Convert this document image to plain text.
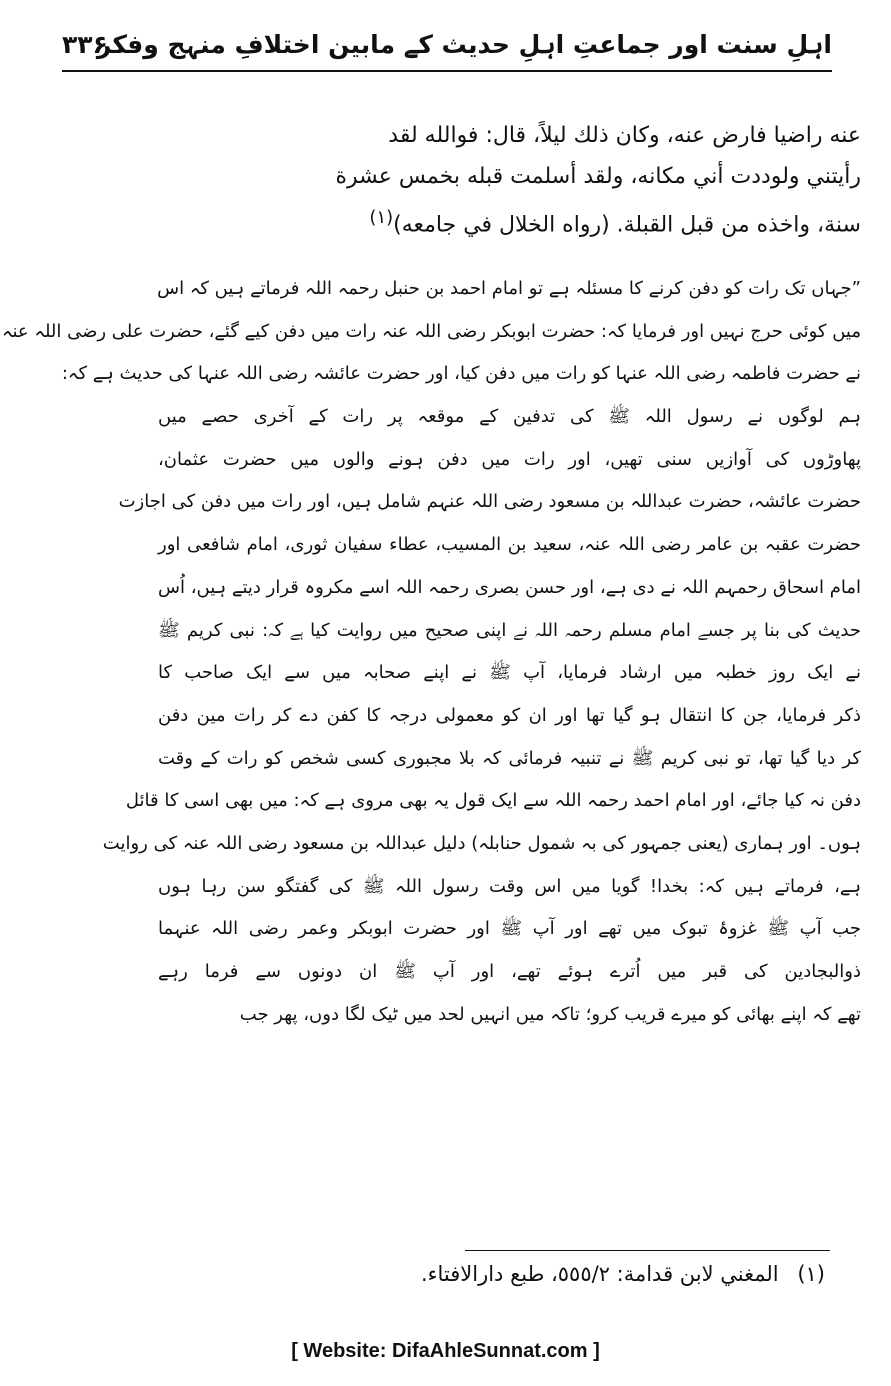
اہلِ سنت اور جماعتِ اہلِ حدیث کے مابین اختلافِ منہج وفکر
۳۳۶
عنه راضيا فارض عنه، وكان ذلك ليلاً، قال: فوالله لقد
رأيتني ولوددت أني مكانه، ولقد أسلمت قبله بخمس عشرة
سنة، واخذه من قبل القبلة. (رواه الخلال في جامعه)$^{(۱)}$
”جہاں تک رات کو دفن کرنے کا مسئلہ ہے تو امام احمد بن حنبل رحمہ اللہ فرماتے ہیں کہ اس
میں کوئی حرج نہیں اور فرمایا کہ: حضرت ابوبکر رضی اللہ عنہ رات میں دفن کیے گئے، حضرت علی رضی اللہ عنہ
نے حضرت فاطمہ رضی اللہ عنہا کو رات میں دفن کیا، اور حضرت عائشہ رضی اللہ عنہا کی حدیث ہے کہ:
ہم لوگوں نے رسول اللہ ﷺ کی تدفین کے موقعہ پر رات کے آخری حصے میں
پھاوڑوں کی آوازیں سنی تھیں، اور رات میں دفن ہونے والوں میں حضرت عثمان،
حضرت عائشہ، حضرت عبداللہ بن مسعود رضی اللہ عنہم شامل ہیں، اور رات میں دفن کی اجازت
حضرت عقبہ بن عامر رضی اللہ عنہ، سعید بن المسیب، عطاء سفیان ثوری، امام شافعی اور
امام اسحاق رحمہم اللہ نے دی ہے، اور حسن بصری رحمہ اللہ اسے مکروہ قرار دیتے ہیں، اُس
حدیث کی بنا پر جسے امام مسلم رحمہ اللہ نے اپنی صحیح میں روایت کیا ہے کہ: نبی کریم ﷺ
نے ایک روز خطبہ میں ارشاد فرمایا، آپ ﷺ نے اپنے صحابہ میں سے ایک صاحب کا
ذکر فرمایا، جن کا انتقال ہو گیا تھا اور ان کو معمولی درجہ کا کفن دے کر رات مین دفن
کر دیا گیا تھا، تو نبی کریم ﷺ نے تنبیہ فرمائی کہ بلا مجبوری کسی شخص کو رات کے وقت
دفن نہ کیا جائے، اور امام احمد رحمہ اللہ سے ایک قول یہ بھی مروی ہے کہ: میں بھی اسی کا قائل
ہوں۔ اور ہماری (یعنی جمہور کی بہ شمول حنابلہ) دلیل عبداللہ بن مسعود رضی اللہ عنہ کی روایت
ہے، فرماتے ہیں کہ: بخدا! گویا میں اس وقت رسول اللہ ﷺ کی گفتگو سن رہا ہوں
جب آپ ﷺ غزوۂ تبوک میں تھے اور آپ ﷺ اور حضرت ابوبکر وعمر رضی اللہ عنہما
ذوالبجادین کی قبر میں اُترے ہوئے تھے، اور آپ ﷺ ان دونوں سے فرما رہے
تھے کہ اپنے بھائی کو میرے قریب کرو؛ تاکہ میں انہیں لحد میں ٹیک لگا دوں، پھر جب
(۱) المغني لابن قدامة: ٥٥٥/٢، طبع دارالافتاء.
[ Website: DifaAhleSunnat.com ]
